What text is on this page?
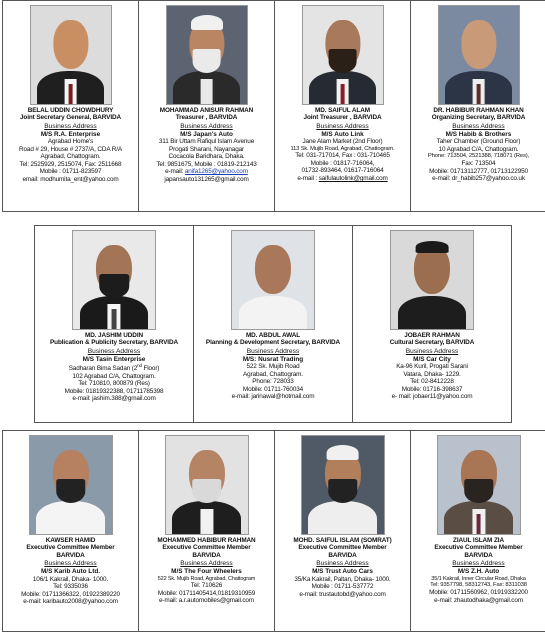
BELAL UDDIN CHOWDHURY
Joint Secretary General, BARVIDA
Business Address
M/S R.A. Enterprise
Agrabad Home's
Road # 29, House # 2737/A, CDA R/A
Agrabad, Chattogram.
Tel: 2525929, 2515074, Fax: 2511668
Mobile : 01711-823597
email: modhumita_ent@yahoo.com
MOHAMMAD ANISUR RAHMAN
Treasurer , BARVIDA
Business Address
M/S Japan's Auto
311 Bir Uttam Rafiqul Islam Avenue
Progati Sharani, Nayanagar
Cocacola Baridhara, Dhaka.
Tel: 9851675, Mobile : 01819-212143
e-mail: anifa1265@yahoo.com
japansauto131265@gmail.com
MD. SAIFUL ALAM
Joint Treasurer , BARVIDA
Business Address
M/S Auto Link
Jane Alam Market (2nd Floor)
113 Sk. Mujib Road, Agrabad, Chattogram.
Tel: 031-717014, Fax : 031-710465
Mobile : 01817-716064,
01732-893464, 01617-716064
e-mail : saifulautolink@gmail.com
DR. HABIBUR RAHMAN KHAN
Organizing Secretary, BARVIDA
Business Address
M/S Habib & Brothers
Taher Chamber (Ground Floor)
10 Agrabad C/A, Chattogram.
Phone: 713504, 2521388, 718071 (Res),
Fax: 713504
Mobile: 01713112777, 01713122950
e-mail: dr_habib257@yahoo.co.uk
MD. JASHIM UDDIN
Publication & Publicity Secretary, BARVIDA
Business Address
M/S Tasin Enterprise
Sadharan Bima Sadan (2nd Floor)
102 Agrabad C/A, Chattogram.
Tel: 710810, 800879 (Res)
Mobile: 01819322388, 01711785398
e-mail: jashim.388@gmail.com
MD. ABDUL AWAL
Planning & Development Secretary, BARVIDA
Business Address
M/S: Nusrat Trading
522 Sk. Mujib Road
Agrabad, Chattogram.
Phone: 728033
Mobile: 01711-760034
e-mail: jarinawal@hotmail.com
JOBAER RAHMAN
Cultural Secretary, BARVIDA
Business Address
M/S Car City
Ka-96 Kuril, Progati Sarani
Vatara, Dhaka- 1229.
Tel: 02-8412228
Mobile: 01716-398637
e- mail: jobaer11@yahoo.com
KAWSER HAMID
Executive Committee Member
BARVIDA
Business Address
M/S Karib Auto Ltd.
106/1 Kakrail, Dhaka- 1000.
Tel: 9335036
Mobile: 01711366322, 01922389220
e-mail: karibauto2008@yahoo.com
MOHAMMED HABIBUR RAHMAN
Executive Committee Member
BARVIDA
Business Address
M/S The Four Wheelers
522 Sk. Mujib Road, Agrabad, Chattogram
Tel: 710626
Mobile: 01711405414,01819310959
e-mail: a.r.automobiles@gmail.com
MOHD. SAIFUL ISLAM (SOMRAT)
Executive Committee Member
BARVIDA
Business Address
M/S Trust Auto Cars
35/Ka Kakrail, Paltan, Dhaka- 1000.
Mobile : 01711-537772
e-mail: trustautobd@yahoo.com
ZIAUL ISLAM ZIA
Executive Committee Member
BARVIDA
Business Address
M/S Z.H. Auto
35/1 Kakrail, Inner Circular Road, Dhaka
Tel: 9357798, 58312743, Fax: 8311038
Mobile: 01711560962, 01919332200
e-mail: zhautodhaka@gmail.com
